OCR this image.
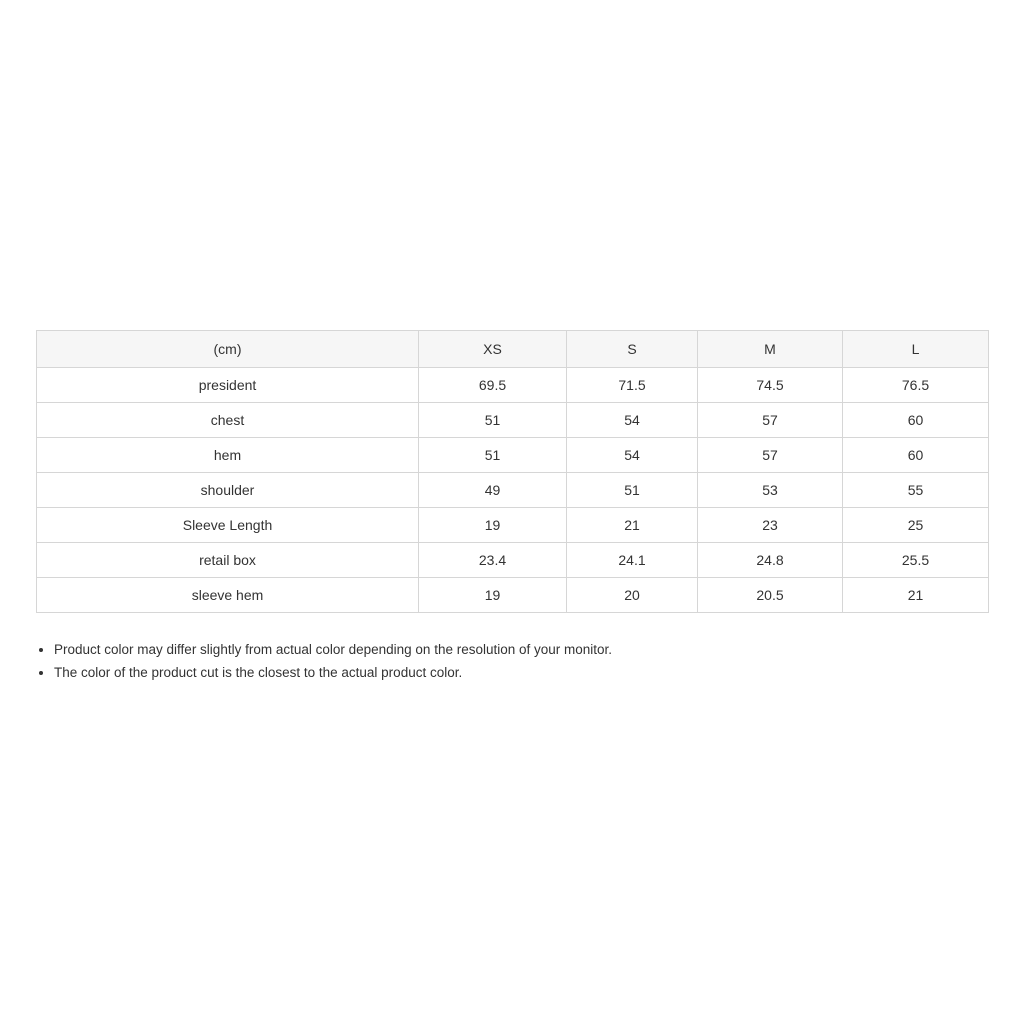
(cm)	XS	S	M	L
president	69.5	71.5	74.5	76.5
chest	51	54	57	60
hem	51	54	57	60
shoulder	49	51	53	55
Sleeve Length	19	21	23	25
retail box	23.4	24.1	24.8	25.5
sleeve hem	19	20	20.5	21
• Product color may differ slightly from actual color depending on the resolution of your monitor.
• The color of the product cut is the closest to the actual product color.
